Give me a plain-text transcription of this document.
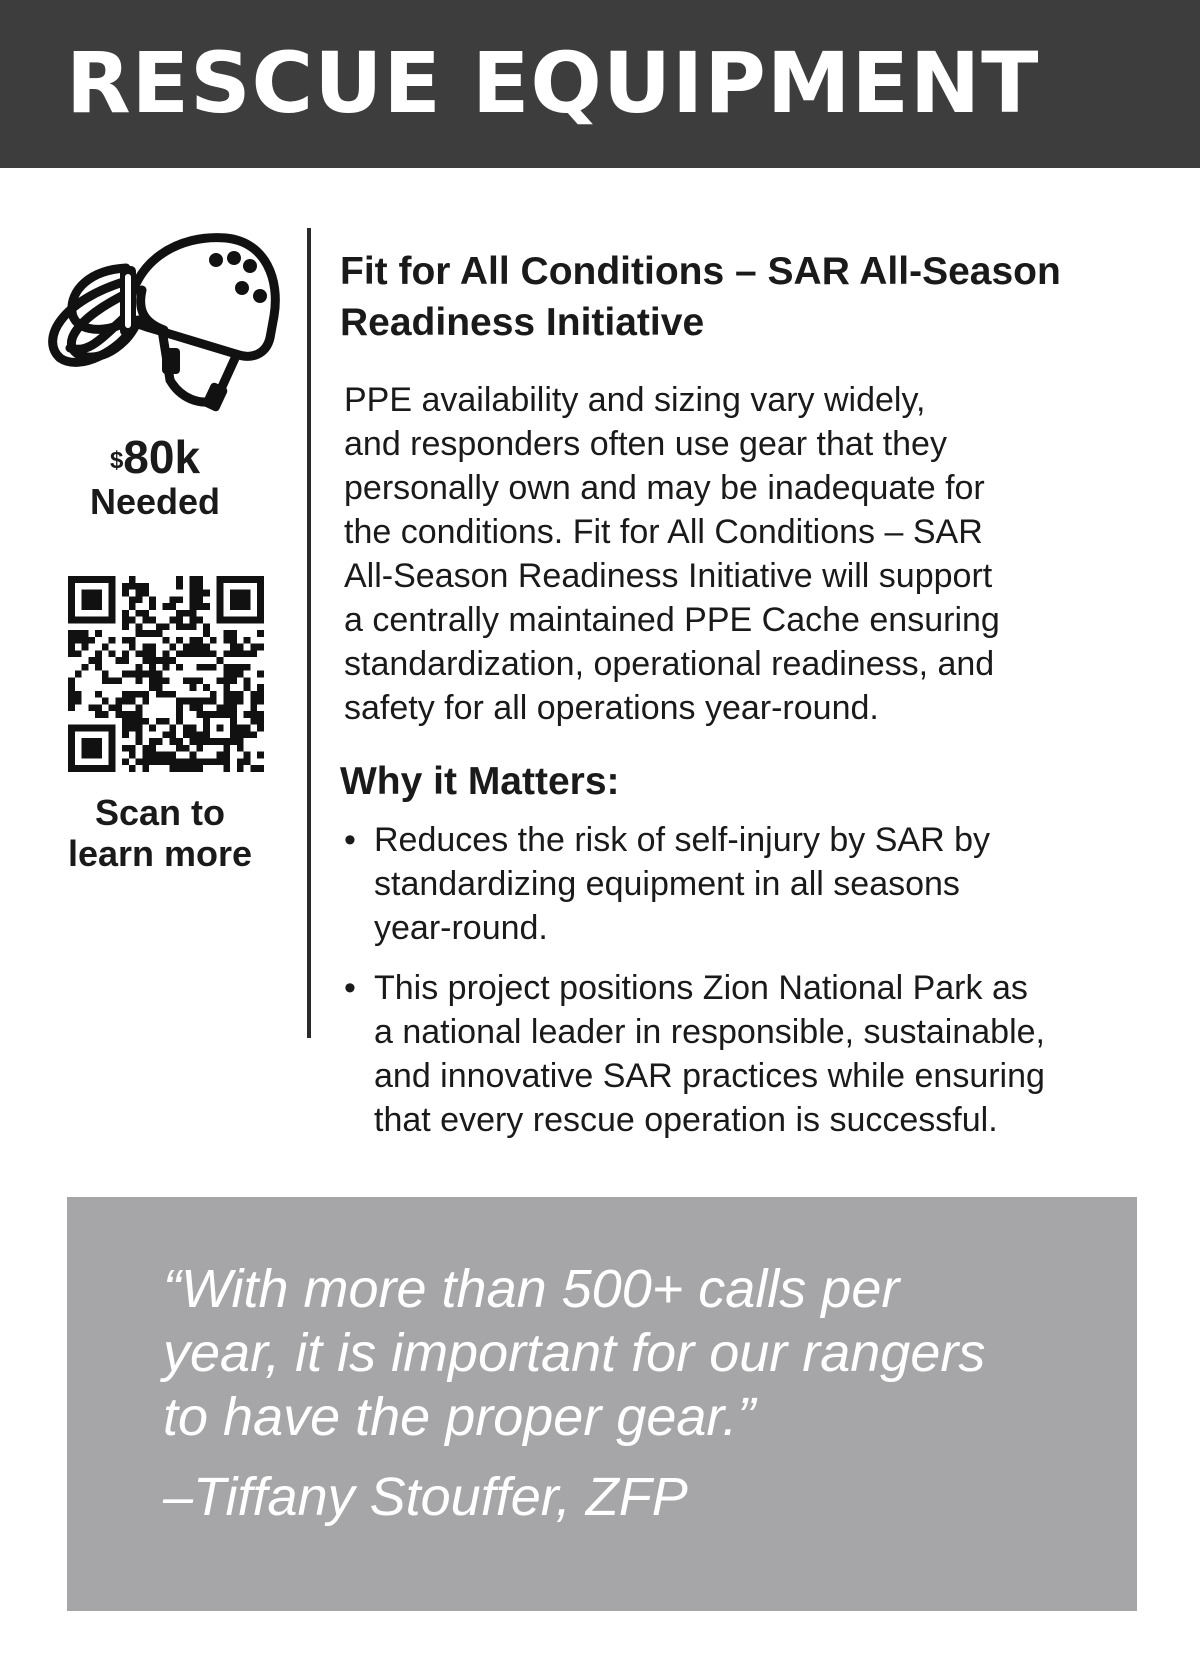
RESCUE EQUIPMENT
$80k
Needed
Scan to
learn more
Fit for All Conditions – SAR All-Season
Readiness Initiative
PPE availability and sizing vary widely,
and responders often use gear that they
personally own and may be inadequate for
the conditions. Fit for All Conditions – SAR
All-Season Readiness Initiative will support
a centrally maintained PPE Cache ensuring
standardization, operational readiness, and
safety for all operations year-round.
Why it Matters:
• Reduces the risk of self-injury by SAR by
standardizing equipment in all seasons
year-round.
• This project positions Zion National Park as
a national leader in responsible, sustainable,
and innovative SAR practices while ensuring
that every rescue operation is successful.
“With more than 500+ calls per
year, it is important for our rangers
to have the proper gear.”
–Tiffany Stouffer, ZFP
